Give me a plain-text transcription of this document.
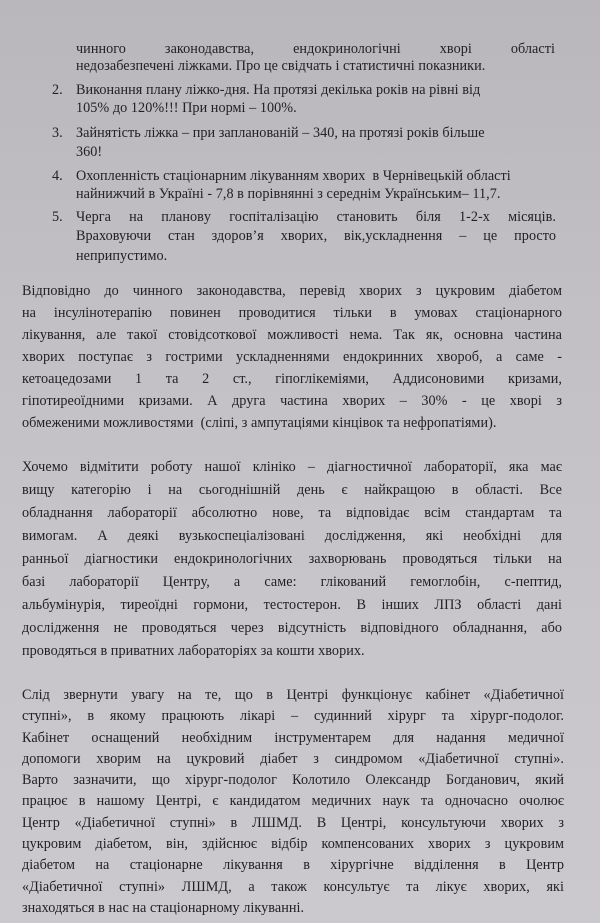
чинного законодавства, ендокринологічні хворі області
недозабезпечені ліжками. Про це свідчать і статистичні показники.
2. Виконання плану ліжко-дня. На протязі декілька років на рівні від
105% до 120%!!! При нормі – 100%.
3. Зайнятість ліжка – при запланованій – 340, на протязі років більше
360!
4. Охопленність стаціонарним лікуванням хворих  в Чернівецькій області
найнижчий в Україні - 7,8 в порівнянні з середнім Українським– 11,7.
5. Черга на плановy госпіталізацію становить біля 1-2-х місяців.
Враховуючи стан здоров’я хворих, вік,ускладнення – це просто
неприпустимо.
Відповідно до чинного законодавства, перевід хворих з цукровим діабетом
на інсулінотерапію повинен проводитися тільки в умовах стаціонарного
лікування, але такої стовідсоткової можливості нема. Так як, основна частина
хворих поступає з гострими ускладненнями ендокринних хвороб, а саме -
кетоацедозами 1 та 2 ст., гіпоглікеміями, Аддисоновими кризами,
гіпотиреоїдними кризами. А друга частина хворих – 30% - це хворі з
обмеженими можливостями  (сліпі, з ампутаціями кінцівок та нефропатіями).
Хочемо відмітити роботу нашої клініко – діагностичної лабораторії, яка має
вищу категорію і на сьогоднішній день є найкращою в області. Все
обладнання лабораторії абсолютно нове, та відповідає всім стандартам та
вимогам. А деякі вузькоспеціалізовані дослідження, які необхідні для
ранньої діагностики ендокринологічних захворювань проводяться тільки на
базі лабораторії Центру, а саме: глікований гемоглобін, с-пептид,
альбумінурія, тиреоїдні гормони, тестостерон. В інших ЛПЗ області дані
дослідження не проводяться через відсутність відповідного обладнання, або
проводяться в приватних лабораторіях за кошти хворих.
Слід звернути увагу на те, що в Центрі функціонує кабінет «Діабетичної
ступні», в якому працюють лікарі – судинний хірург та хірург-подолог.
Кабінет оснащений необхідним інструментарем для надання медичної
допомоги хворим на цукровий діабет з синдромом «Діабетичної ступні».
Варто зазначити, що хірург-подолог Колотило Олександр Богданович, який
працює в нашому Центрі, є кандидатом медичних наук та одночасно очолює
Центр «Діабетичної ступні» в ЛШМД. В Центрі, консультуючи хворих з
цукровим діабетом, він, здійснює відбір компенсованих хворих з цукровим
діабетом на стаціонарне лікування в хірургічне відділення в Центр
«Діабетичної ступні» ЛШМД, а також консультує та лікує хворих, які
знаходяться в нас на стаціонарному лікуванні.
